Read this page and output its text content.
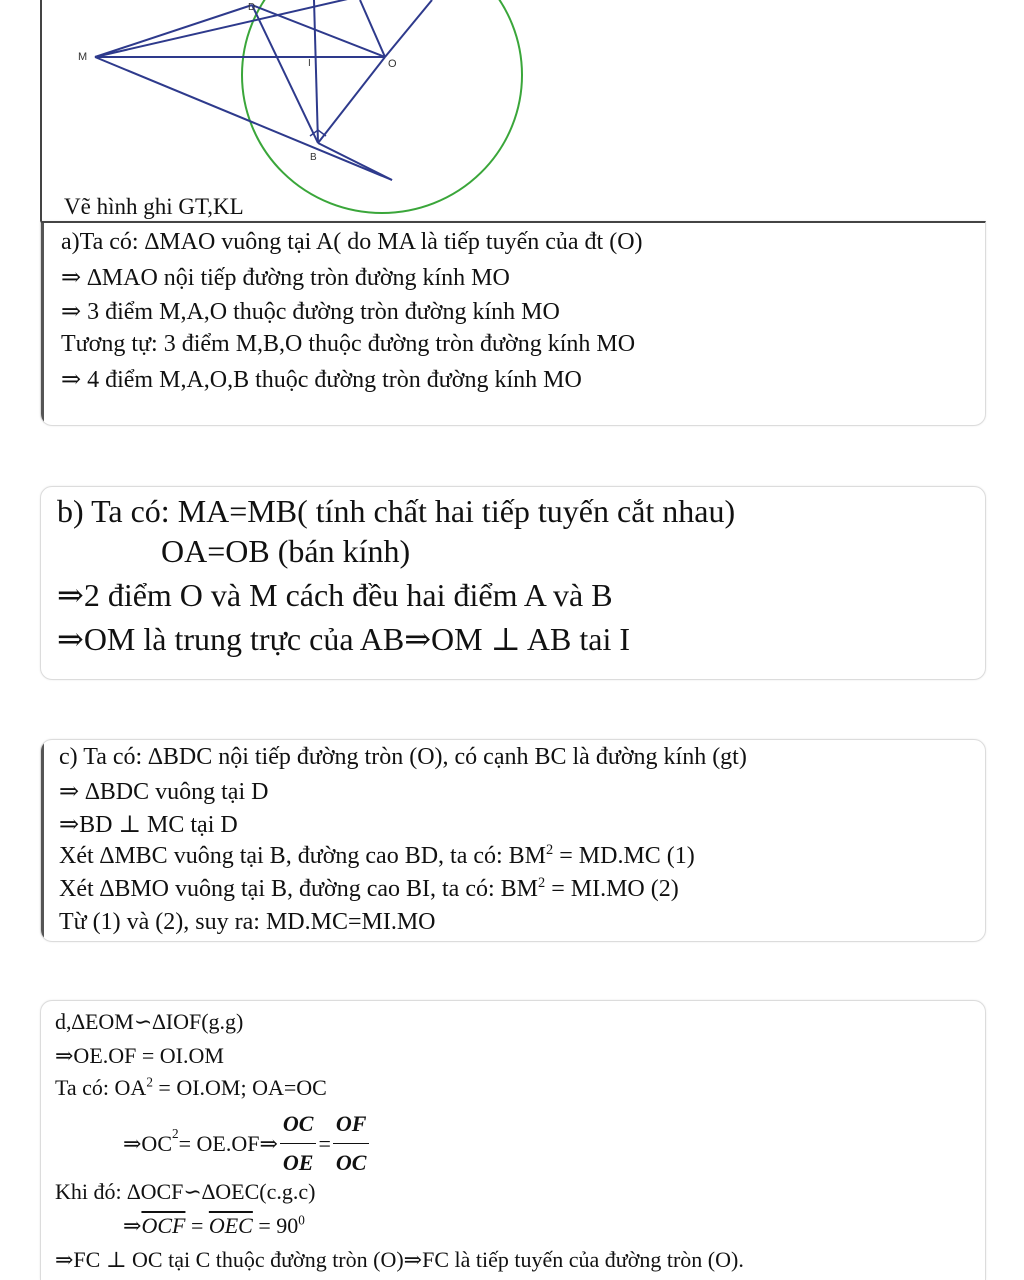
M
D
I	O
B
Vẽ hình ghi GT,KL
a)Ta có: ∆MAO vuông tại A( do MA là tiếp tuyến của đt (O)
⇒ ∆MAO nội tiếp đường tròn đường kính MO
⇒ 3 điểm M,A,O thuộc đường tròn đường kính MO
Tương tự: 3 điểm M,B,O thuộc đường tròn đường kính MO
⇒ 4 điểm M,A,O,B thuộc đường tròn đường kính MO
b) Ta có: MA=MB( tính chất hai tiếp tuyến cắt nhau)
OA=OB (bán kính)
⇒2 điểm O và M cách đều hai điểm A và B
⇒OM là trung trực của AB⇒OM ⊥ AB tai I
c) Ta có: ∆BDC nội tiếp đường tròn (O), có cạnh BC là đường kính (gt)
⇒ ∆BDC vuông tại D
⇒BD ⊥ MC tại D
Xét ∆MBC vuông tại B, đường cao BD, ta có: $BM^2 = MD.MC$ (1)
Xét ∆BMO vuông tại B, đường cao BI, ta có: $BM^2 = MI.MO$ (2)
Từ (1) và (2), suy ra: MD.MC=MI.MO
d,∆EOM∽∆IOF(g.g)
⇒OE.OF = OI.OM
Ta có: $OA^2 = OI.OM$; OA=OC
$\Rightarrow OC^2$ = OE.OF⇒ $\frac{OC}{OE} = \frac{OF}{OC}$
Khi đó: ∆OCF∽∆OEC(c.g.c)
$\Rightarrow\overline{OCF} = \overline{OEC} = 90^0$
⇒FC ⊥ OC tại C thuộc đường tròn (O)⇒FC là tiếp tuyến của đường tròn (O).
